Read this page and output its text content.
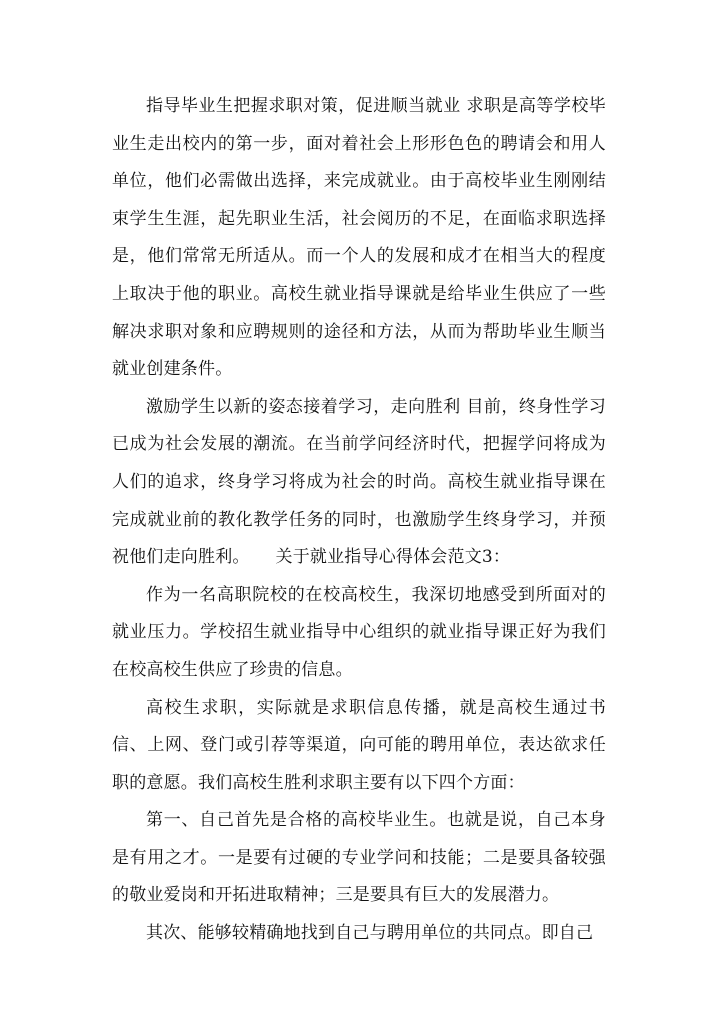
指导毕业生把握求职对策，促进顺当就业 求职是高等学校毕业生走出校内的第一步，面对着社会上形形色色的聘请会和用人单位，他们必需做出选择，来完成就业。由于高校毕业生刚刚结束学生生涯，起先职业生活，社会阅历的不足，在面临求职选择是，他们常常无所适从。而一个人的发展和成才在相当大的程度上取决于他的职业。高校生就业指导课就是给毕业生供应了一些解决求职对象和应聘规则的途径和方法，从而为帮助毕业生顺当就业创建条件。

激励学生以新的姿态接着学习，走向胜利 目前，终身性学习已成为社会发展的潮流。在当前学问经济时代，把握学问将成为人们的追求，终身学习将成为社会的时尚。高校生就业指导课在完成就业前的教化教学任务的同时，也激励学生终身学习，并预祝他们走向胜利。　　关于就业指导心得体会范文3：

作为一名高职院校的在校高校生，我深切地感受到所面对的就业压力。学校招生就业指导中心组织的就业指导课正好为我们在校高校生供应了珍贵的信息。

高校生求职，实际就是求职信息传播，就是高校生通过书信、上网、登门或引荐等渠道，向可能的聘用单位，表达欲求任职的意愿。我们高校生胜利求职主要有以下四个方面：

第一、自己首先是合格的高校毕业生。也就是说，自己本身是有用之才。一是要有过硬的专业学问和技能；二是要具备较强的敬业爱岗和开拓进取精神；三是要具有巨大的发展潜力。

其次、能够较精确地找到自己与聘用单位的共同点。即自己
